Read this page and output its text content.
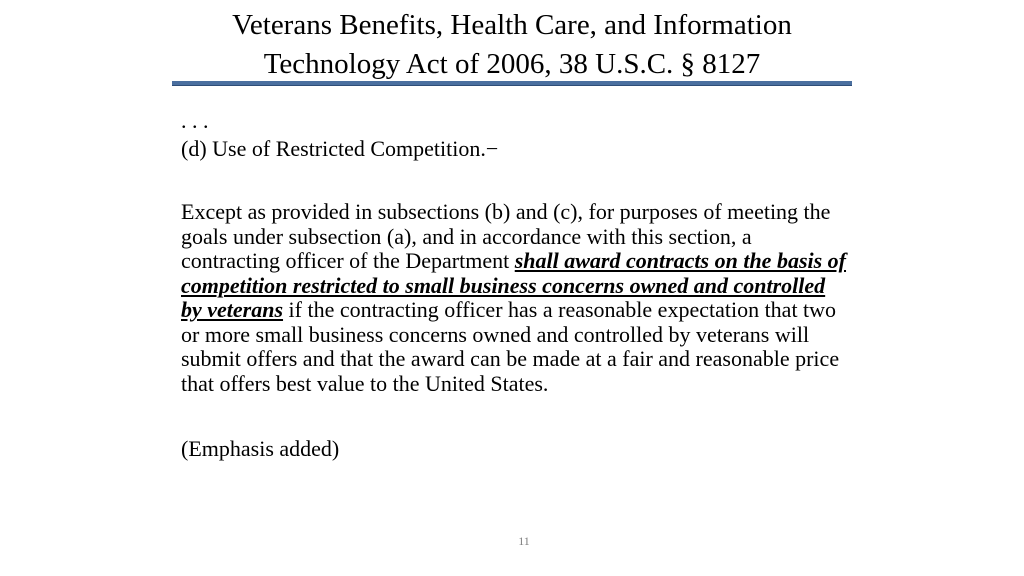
Veterans Benefits, Health Care, and Information
Technology Act of 2006, 38 U.S.C. § 8127
. . .
(d) Use of Restricted Competition.−
Except as provided in subsections (b) and (c), for purposes of meeting the goals under subsection (a), and in accordance with this section, a contracting officer of the Department shall award contracts on the basis of competition restricted to small business concerns owned and controlled by veterans if the contracting officer has a reasonable expectation that two or more small business concerns owned and controlled by veterans will submit offers and that the award can be made at a fair and reasonable price that offers best value to the United States.
(Emphasis added)
11
